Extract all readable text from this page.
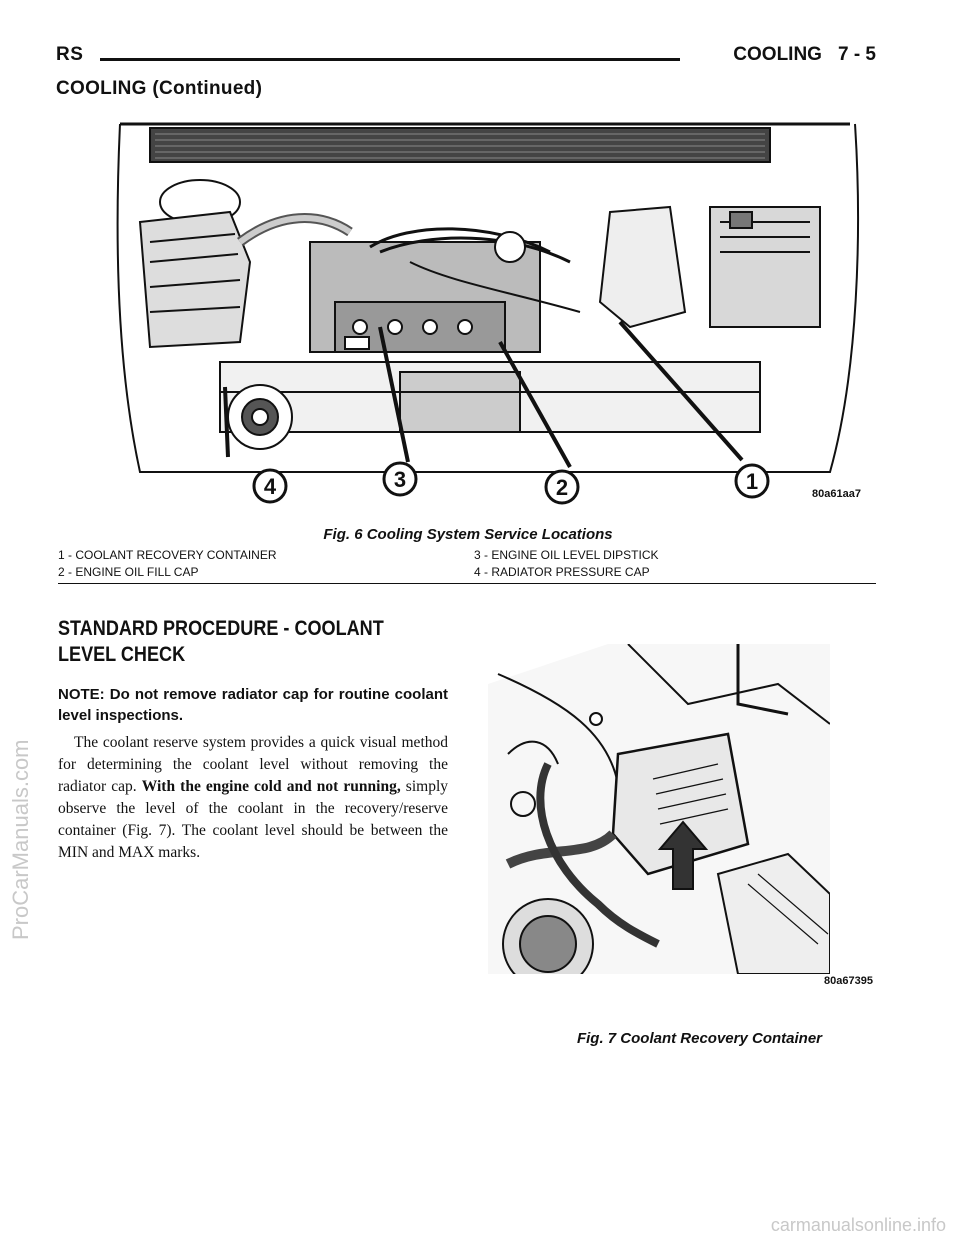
RS	COOLING 7 - 5
COOLING (Continued)
4	3	2	1	80a61aa7
Fig. 6 Cooling System Service Locations
1 - COOLANT RECOVERY CONTAINER	3 - ENGINE OIL LEVEL DIPSTICK
2 - ENGINE OIL FILL CAP	4 - RADIATOR PRESSURE CAP
STANDARD PROCEDURE - COOLANT LEVEL CHECK
NOTE: Do not remove radiator cap for routine coolant level inspections.
The coolant reserve system provides a quick visual method for determining the coolant level without removing the radiator cap. With the engine cold and not running, simply observe the level of the coolant in the recovery/reserve container (Fig. 7). The coolant level should be between the MIN and MAX marks.
80a67395
Fig. 7 Coolant Recovery Container
ProCarManuals.com
carmanualsonline.info
